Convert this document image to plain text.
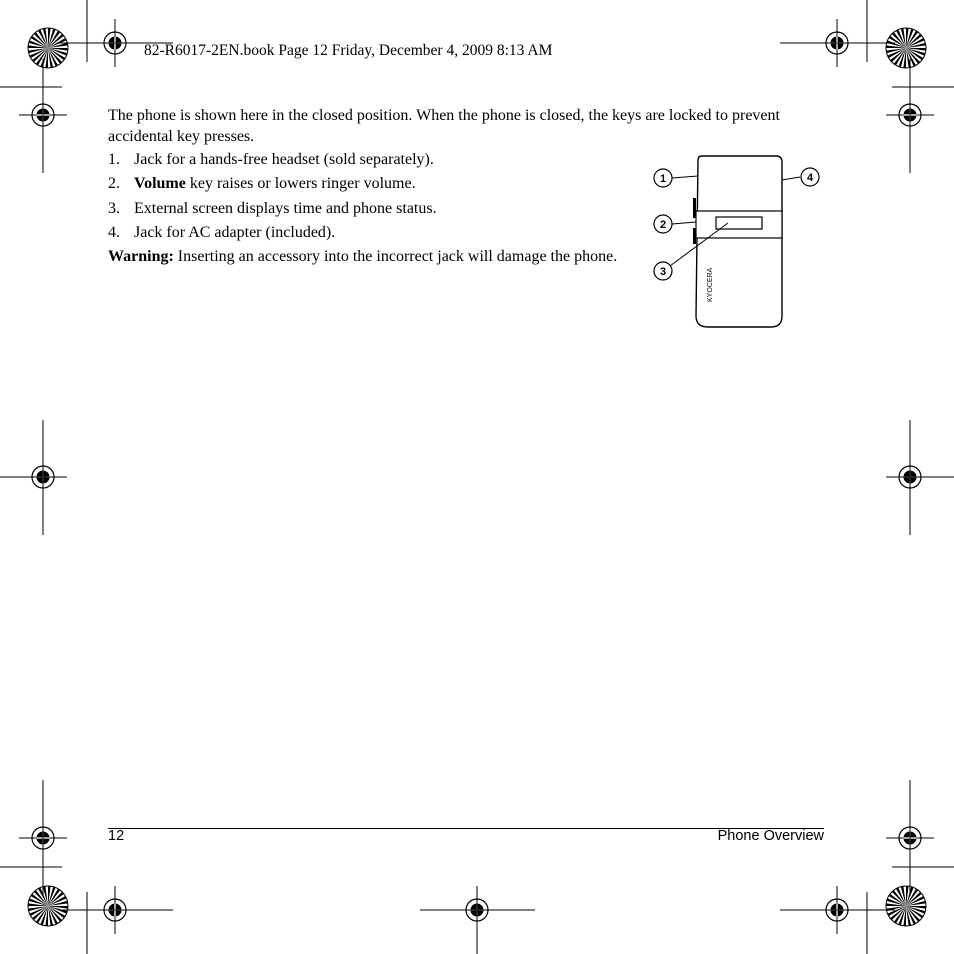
82-R6017-2EN.book Page 12 Friday, December 4, 2009 8:13 AM

The phone is shown here in the closed position. When the phone is closed, the keys are locked to prevent accidental key presses.

1. Jack for a hands-free headset (sold separately).
2. Volume key raises or lowers ringer volume.
3. External screen displays time and phone status.
4. Jack for AC adapter (included).

Warning: Inserting an accessory into the incorrect jack will damage the phone.

KYOCERA
1
2
3
4
12	Phone Overview
